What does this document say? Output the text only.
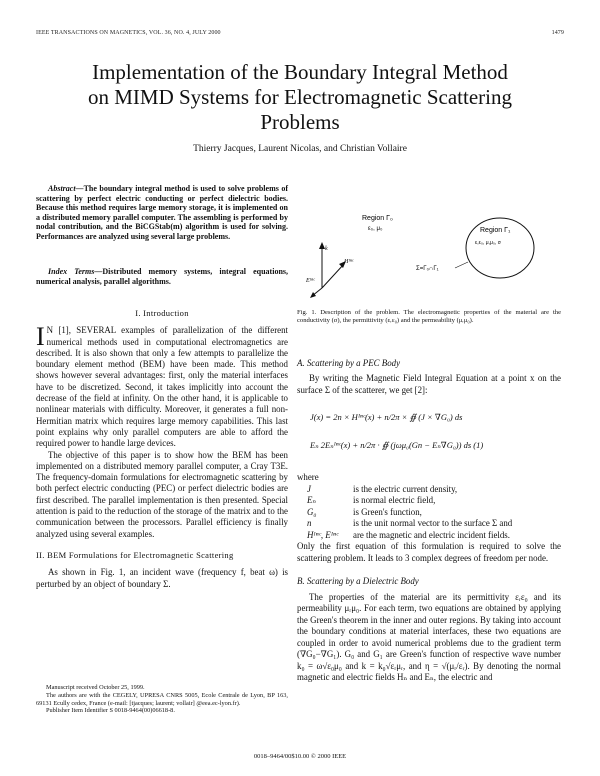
IEEE TRANSACTIONS ON MAGNETICS, VOL. 36, NO. 4, JULY 2000	1479
Implementation of the Boundary Integral Method
on MIMD Systems for Electromagnetic Scattering
Problems
Thierry Jacques, Laurent Nicolas, and Christian Vollaire
Abstract—The boundary integral method is used to solve problems of scattering by perfect electric conducting or perfect dielectric bodies. Because this method requires large memory storage, it is implemented on a distributed memory parallel computer. The assembling is performed by nodal contribution, and the BiCGStab(m) algorithm is used for solving. Performances are analyzed using several large problems.
Index Terms—Distributed memory systems, integral equations, numerical analysis, parallel algorithms.
I. Introduction

I N [1], SEVERAL examples of parallelization of the different numerical methods used in computational electromagnetics are described. It is also shown that only a few attempts to parallelize the boundary element method (BEM) have been made. This method shows however several advantages: first, only the material interfaces have to be discretized. Second, it takes implicitly into account the decrease of the field at infinity. On the other hand, it is applicable to nonlinear materials with difficulty. Moreover, it generates a full non-Hermitian matrix which requires large memory capabilities. This last point explains why only parallel computers are able to afford the required power to handle large devices.

The objective of this paper is to show how the BEM has been implemented on a distributed memory parallel computer, a Cray T3E. The frequency-domain formulations for electromagnetic scattering by both perfect electric conducting (PEC) or perfect dielectric bodies are first described. The parallel implementation is then presented. Special attention is paid to the reduction of the storage of the matrix and to the communication between the processors. Parallel efficiency is finally analyzed using several examples.

II. BEM Formulations for Electromagnetic Scattering

As shown in Fig. 1, an incident wave (frequency f, beat ω) is perturbed by an object of boundary Σ.

Manuscript received October 25, 1999.
The authors are with the CEGELY, UPRESA CNRS 5005, Ecole Centrale de Lyon, BP 163, 69131 Ecully cedex, France (e-mail: [tjacques; laurent; vollair] @eea.ec-lyon.fr).
Publisher Item Identifier S 0018-9464(00)06618-8.
Region Γ₀
ε₀, μ₀	Region Γ₁
ε,ε₀, μ,μ₀, σ
Σ=Γ₀∩Γ₁
k
Hᴵⁿᶜ
Eᴵⁿᶜ
Fig. 1. Description of the problem. The electromagnetic properties of the material are the conductivity (σ), the permittivity (εᵣε₀) and the permeability (μᵣμ₀).
A. Scattering by a PEC Body

By writing the Magnetic Field Integral Equation at a point x on the surface Σ of the scatterer, we get [2]:

J(x) = 2n × Hᴵⁿᶜ(x) + n/2π × ∯ (J × ∇G₀) ds
Eₙ 2Eₙᴵⁿᶜ(x) + n/2π · ∯ (jωμ₀(Gn − Eₙ∇G₀)) ds (1)
where
J	is the electric current density,
Eₙ	is normal electric field,
G₀	is Green's function,
n	is the unit normal vector to the surface Σ and
Hᴵⁿᶜ, Eᴵⁿᶜ	are the magnetic and electric incident fields.

Only the first equation of this formulation is required to solve the scattering problem. It leads to 3 complex degrees of freedom per node.

B. Scattering by a Dielectric Body

The properties of the material are its permittivity εᵣε₀ and its permeability μᵣμ₀. For each term, two equations are obtained by applying the Green's theorem in the inner and outer regions. By taking into account the boundary conditions at material interfaces, these two equations are coupled in order to avoid numerical problems due to the gradient term (∇G₀−∇G₁). G₀ and G₁ are Green's function of respective wave number k₀ = ω√ε₀μ₀ and k = k₀√εᵣμᵣ, and η = √(μᵣ/εᵣ). By denoting the normal magnetic and electric fields Hₙ and Eₙ, the electric and

0018–9464/00$10.00 © 2000 IEEE
